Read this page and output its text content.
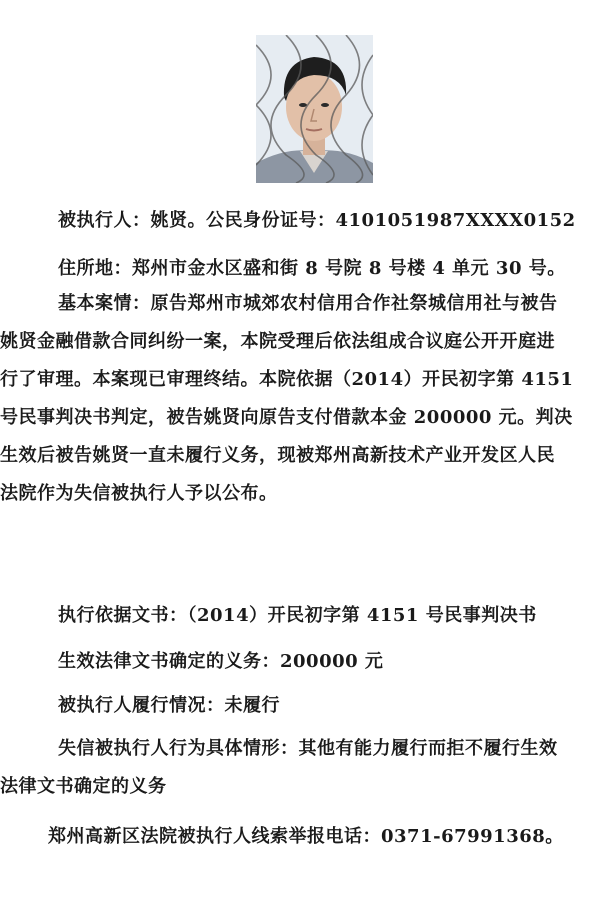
被执行人：姚贤。公民身份证号：4101051987XXXX0152
住所地：郑州市金水区盛和街 8 号院 8 号楼 4 单元 30 号。
基本案情：原告郑州市城郊农村信用合作社祭城信用社与被告
姚贤金融借款合同纠纷一案，本院受理后依法组成合议庭公开开庭进
行了审理。本案现已审理终结。本院依据（2014）开民初字第 4151
号民事判决书判定，被告姚贤向原告支付借款本金 200000 元。判决
生效后被告姚贤一直未履行义务，现被郑州高新技术产业开发区人民
法院作为失信被执行人予以公布。
执行依据文书：（2014）开民初字第 4151 号民事判决书
生效法律文书确定的义务：200000 元
被执行人履行情况：未履行
失信被执行人行为具体情形：其他有能力履行而拒不履行生效
法律文书确定的义务
郑州高新区法院被执行人线索举报电话：0371-67991368。
